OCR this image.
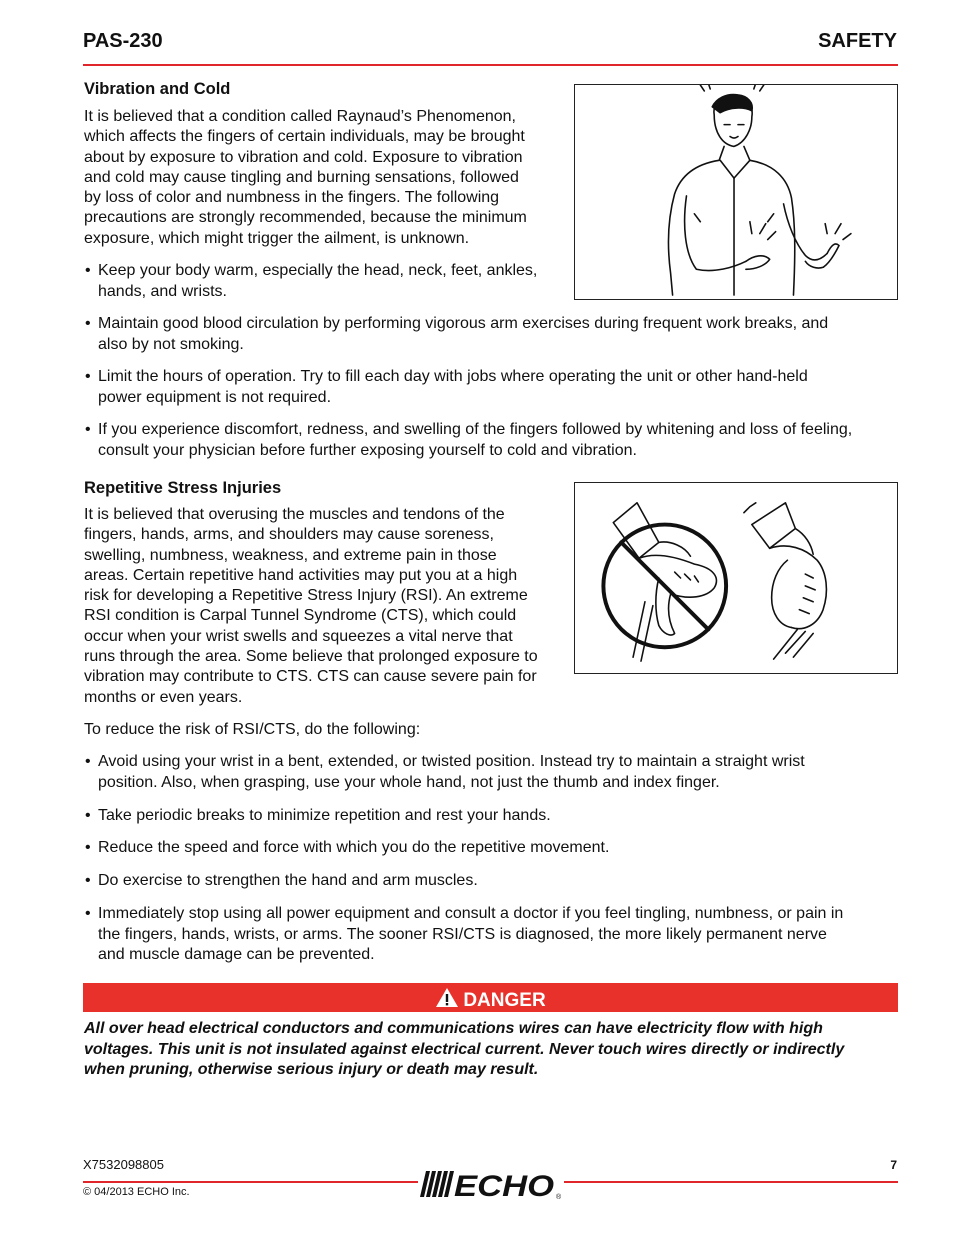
PAS-230	SAFETY
Vibration and Cold
It is believed that a condition called Raynaud’s Phenomenon,
which affects the fingers of certain individuals, may be brought
about by exposure to vibration and cold. Exposure to vibration
and cold may cause tingling and burning sensations, followed
by loss of color and numbness in the fingers. The following
precautions are strongly recommended, because the minimum
exposure, which might trigger the ailment, is unknown.
• Keep your body warm, especially the head, neck, feet, ankles,
hands, and wrists.
• Maintain good blood circulation by performing vigorous arm exercises during frequent work breaks, and
also by not smoking.
• Limit the hours of operation. Try to fill each day with jobs where operating the unit or other hand-held
power equipment is not required.
• If you experience discomfort, redness, and swelling of the fingers followed by whitening and loss of feeling,
consult your physician before further exposing yourself to cold and vibration.
Repetitive Stress Injuries
It is believed that overusing the muscles and tendons of the
fingers, hands, arms, and shoulders may cause soreness,
swelling, numbness, weakness, and extreme pain in those
areas. Certain repetitive hand activities may put you at a high
risk for developing a Repetitive Stress Injury (RSI). An extreme
RSI condition is Carpal Tunnel Syndrome (CTS), which could
occur when your wrist swells and squeezes a vital nerve that
runs through the area. Some believe that prolonged exposure to
vibration may contribute to CTS. CTS can cause severe pain for
months or even years.
To reduce the risk of RSI/CTS, do the following:
• Avoid using your wrist in a bent, extended, or twisted position. Instead try to maintain a straight wrist
position. Also, when grasping, use your whole hand, not just the thumb and index finger.
• Take periodic breaks to minimize repetition and rest your hands.
• Reduce the speed and force with which you do the repetitive movement.
• Do exercise to strengthen the hand and arm muscles.
• Immediately stop using all power equipment and consult a doctor if you feel tingling, numbness, or pain in
the fingers, hands, wrists, or arms. The sooner RSI/CTS is diagnosed, the more likely permanent nerve
and muscle damage can be prevented.
DANGER
All over head electrical conductors and communications wires can have electricity flow with high
voltages. This unit is not insulated against electrical current. Never touch wires directly or indirectly
when pruning, otherwise serious injury or death may result.
X7532098805
© 04/2013 ECHO Inc.
7
ECHO ®
